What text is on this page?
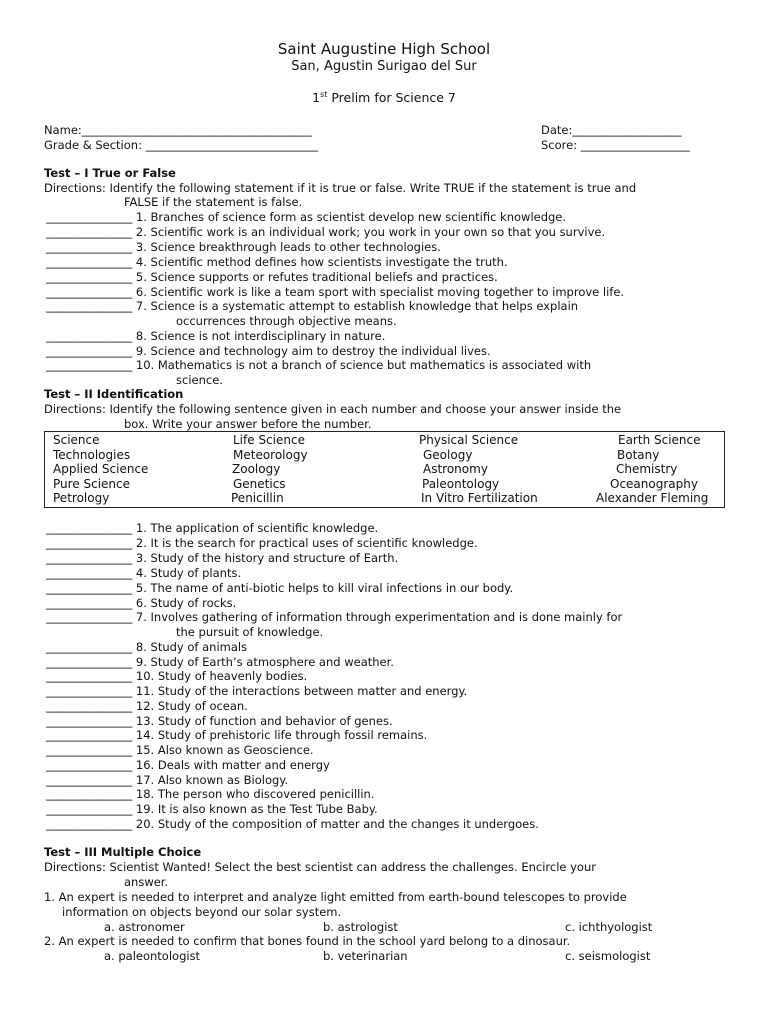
Saint Augustine High School
San, Agustin Surigao del Sur
1st Prelim for Science 7
Name:________________________________________
Grade & Section: ______________________________
Date:___________________
Score: ___________________
Test – I True or False
Directions: Identify the following statement if it is true or false. Write TRUE if the statement is true and
FALSE if the statement is false.
_______________ 1. Branches of science form as scientist develop new scientific knowledge.
_______________ 2. Scientific work is an individual work; you work in your own so that you survive.
_______________ 3. Science breakthrough leads to other technologies.
_______________ 4. Scientific method defines how scientists investigate the truth.
_______________ 5. Science supports or refutes traditional beliefs and practices.
_______________ 6. Scientific work is like a team sport with specialist moving together to improve life.
_______________ 7. Science is a systematic attempt to establish knowledge that helps explain
occurrences through objective means.
_______________ 8. Science is not interdisciplinary in nature.
_______________ 9. Science and technology aim to destroy the individual lives.
_______________ 10. Mathematics is not a branch of science but mathematics is associated with
science.
Test – II Identification
Directions: Identify the following sentence given in each number and choose your answer inside the
box. Write your answer before the number.
Science	Life Science	Physical Science	Earth Science
Technologies	Meteorology	Geology	Botany
Applied Science	Zoology	Astronomy	Chemistry
Pure Science	Genetics	Paleontology	Oceanography
Petrology	Penicillin	In Vitro Fertilization	Alexander Fleming
_______________ 1. The application of scientific knowledge.
_______________ 2. It is the search for practical uses of scientific knowledge.
_______________ 3. Study of the history and structure of Earth.
_______________ 4. Study of plants.
_______________ 5. The name of anti-biotic helps to kill viral infections in our body.
_______________ 6. Study of rocks.
_______________ 7. Involves gathering of information through experimentation and is done mainly for
the pursuit of knowledge.
_______________ 8. Study of animals
_______________ 9. Study of Earth’s atmosphere and weather.
_______________ 10. Study of heavenly bodies.
_______________ 11. Study of the interactions between matter and energy.
_______________ 12. Study of ocean.
_______________ 13. Study of function and behavior of genes.
_______________ 14. Study of prehistoric life through fossil remains.
_______________ 15. Also known as Geoscience.
_______________ 16. Deals with matter and energy
_______________ 17. Also known as Biology.
_______________ 18. The person who discovered penicillin.
_______________ 19. It is also known as the Test Tube Baby.
_______________ 20. Study of the composition of matter and the changes it undergoes.
Test – III Multiple Choice
Directions: Scientist Wanted! Select the best scientist can address the challenges. Encircle your
answer.
1. An expert is needed to interpret and analyze light emitted from earth-bound telescopes to provide
information on objects beyond our solar system.
a. astronomer	b. astrologist	c. ichthyologist
2. An expert is needed to confirm that bones found in the school yard belong to a dinosaur.
a. paleontologist	b. veterinarian	c. seismologist
